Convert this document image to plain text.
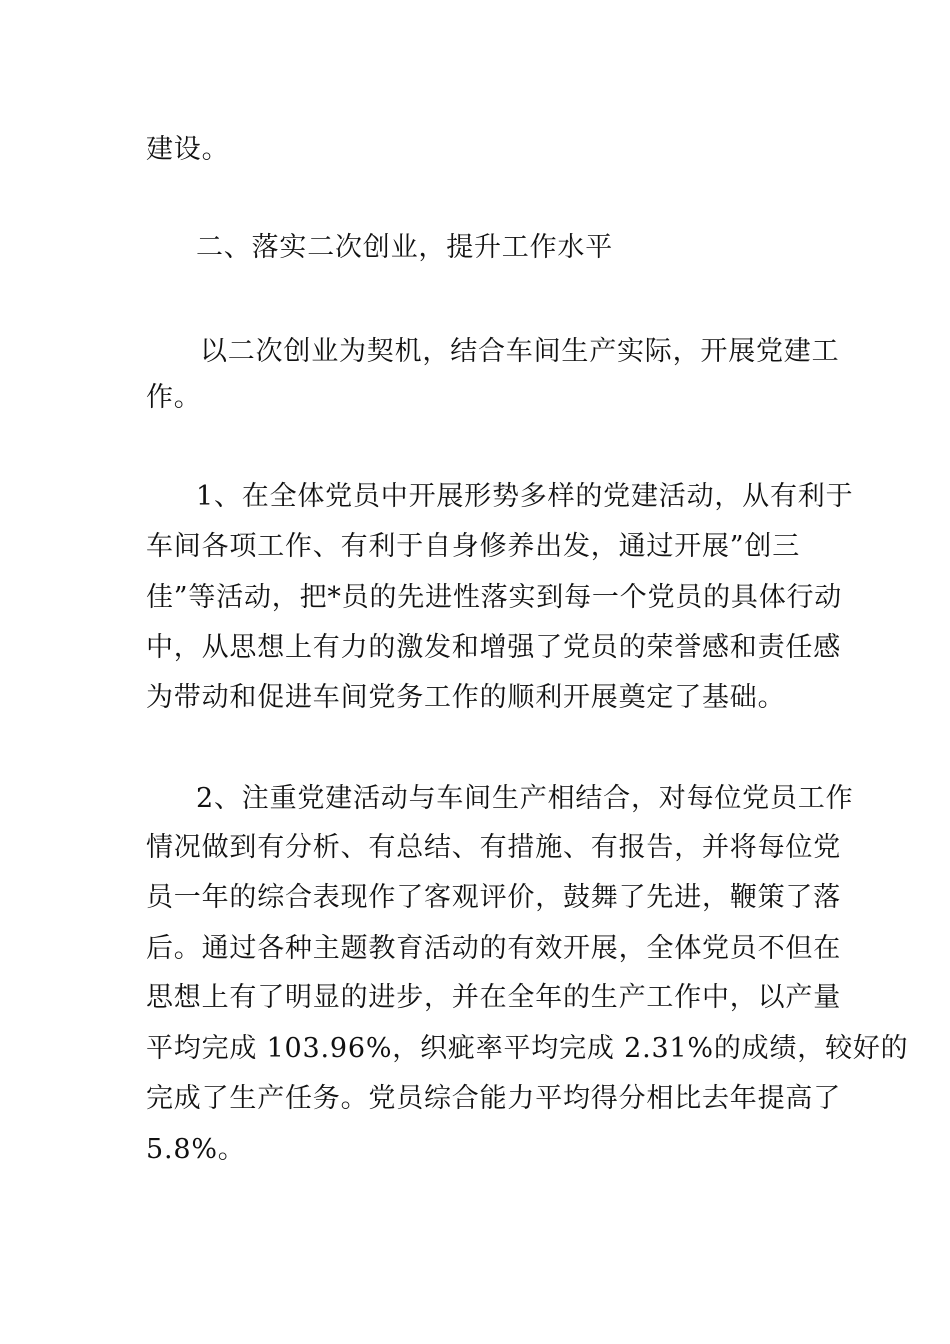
建设。

二、落实二次创业，提升工作水平

以二次创业为契机，结合车间生产实际，开展党建工

作。

1、在全体党员中开展形势多样的党建活动，从有利于

车间各项工作、有利于自身修养出发，通过开展”创三

佳”等活动，把*员的先进性落实到每一个党员的具体行动

中，从思想上有力的激发和增强了党员的荣誉感和责任感

为带动和促进车间党务工作的顺利开展奠定了基础。

2、注重党建活动与车间生产相结合，对每位党员工作

情况做到有分析、有总结、有措施、有报告，并将每位党

员一年的综合表现作了客观评价，鼓舞了先进，鞭策了落

后。通过各种主题教育活动的有效开展，全体党员不但在

思想上有了明显的进步，并在全年的生产工作中，以产量

平均完成 103.96%，织疵率平均完成 2.31%的成绩，较好的

完成了生产任务。党员综合能力平均得分相比去年提高了

5.8%。
